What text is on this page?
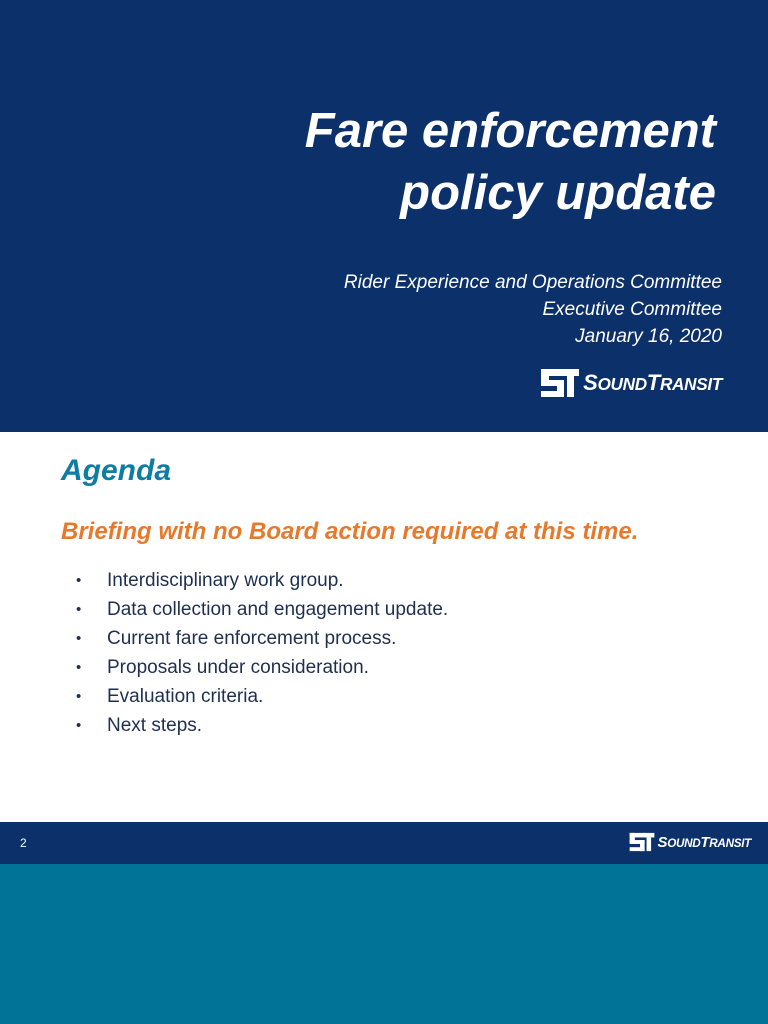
Fare enforcement
policy update
Rider Experience and Operations Committee
Executive Committee
January 16, 2020
SOUNDTRANSIT
Agenda

Briefing with no Board action required at this time.

• Interdisciplinary work group.
• Data collection and engagement update.
• Current fare enforcement process.
• Proposals under consideration.
• Evaluation criteria.
• Next steps.
2	SOUNDTRANSIT
